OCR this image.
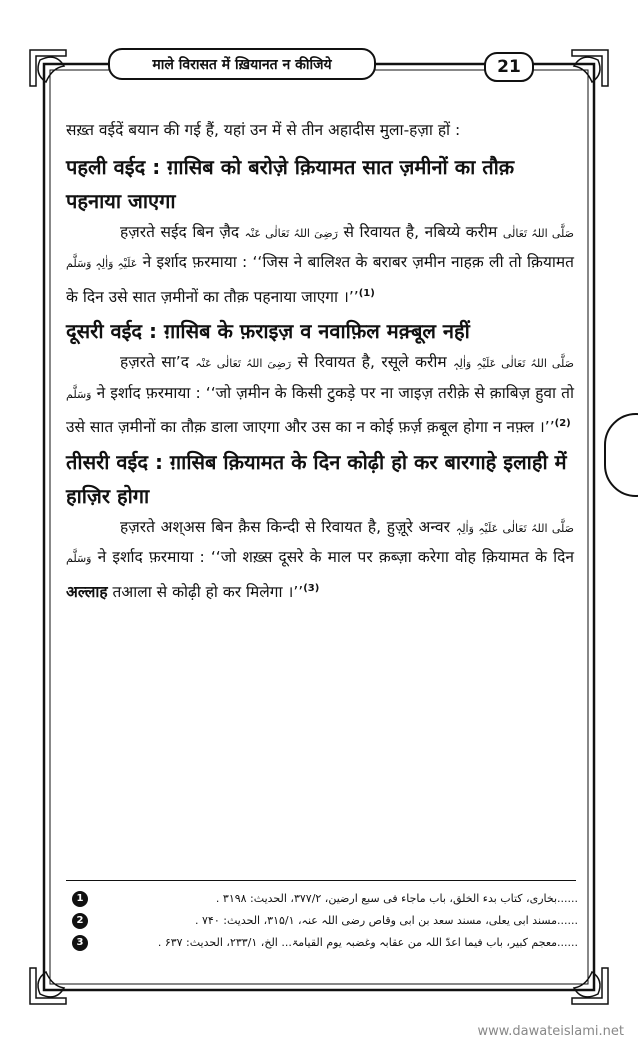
माले विरासत में ख़ियानत न कीजिये	21

सख़्त वईदें बयान की गई हैं, यहां उन में से तीन अहादीस मुला-हज़ा हों :

पहली वईद : ग़ासिब को बरोज़े क़ियामत सात ज़मीनों का तौक़ पहनाया जाएगा

हज़रते सईद बिन ज़ैद رَضِیَ اللہُ تَعَالٰی عَنْہ से रिवायत है, नबिय्ये करीम صَلَّی اللہُ تَعَالٰی عَلَیْہِ وَاٰلِہٖ وَسَلَّم ने इर्शाद फ़रमाया : ‘‘जिस ने बालिश्त के बराबर ज़मीन नाहक़ ली तो क़ियामत के दिन उसे सात ज़मीनों का तौक़ पहनाया जाएगा ।’’$^{(1)}$

दूसरी वईद : ग़ासिब के फ़राइज़ व नवाफ़िल मक़्बूल नहीं

हज़रते सा’द رَضِیَ اللہُ تَعَالٰی عَنْہ से रिवायत है, रसूले करीम صَلَّی اللہُ تَعَالٰی عَلَیْہِ وَاٰلِہٖ وَسَلَّم ने इर्शाद फ़रमाया : ‘‘जो ज़मीन के किसी टुकड़े पर ना जाइज़ तरीक़े से क़ाबिज़ हुवा तो उसे सात ज़मीनों का तौक़ डाला जाएगा और उस का न कोई फ़र्ज़ क़बूल होगा न नफ़्ल ।’’$^{(2)}$

तीसरी वईद : ग़ासिब क़ियामत के दिन कोढ़ी हो कर बारगाहे इलाही में हाज़िर होगा

हज़रते अश्अस बिन क़ैस किन्दी से रिवायत है, हुज़ूरे अन्वर صَلَّی اللہُ تَعَالٰی عَلَیْہِ وَاٰلِہٖ وَسَلَّم ने इर्शाद फ़रमाया : ‘‘जो शख़्स दूसरे के माल पर क़ब्ज़ा करेगा वोह क़ियामत के दिन अल्लाह तआला से कोढ़ी हो कर मिलेगा ।’’$^{(3)}$

1	......بخاری، کتاب بدء الخلق، باب ماجاء فی سبع ارضین، ۳۷۷/۲، الحدیث: ۳۱۹۸ .
2	......مسند ابی یعلی، مسند سعد بن ابی وقاص رضی اللہ عنہ، ۳۱۵/۱، الحدیث: ۷۴۰ .
3	......معجم کبیر، باب فیما اعدّ اللہ من عقابہ وغضبہ یوم القیامۃ... الخ، ۲۳۳/۱، الحدیث: ۶۳۷ .
www.dawateislami.net
